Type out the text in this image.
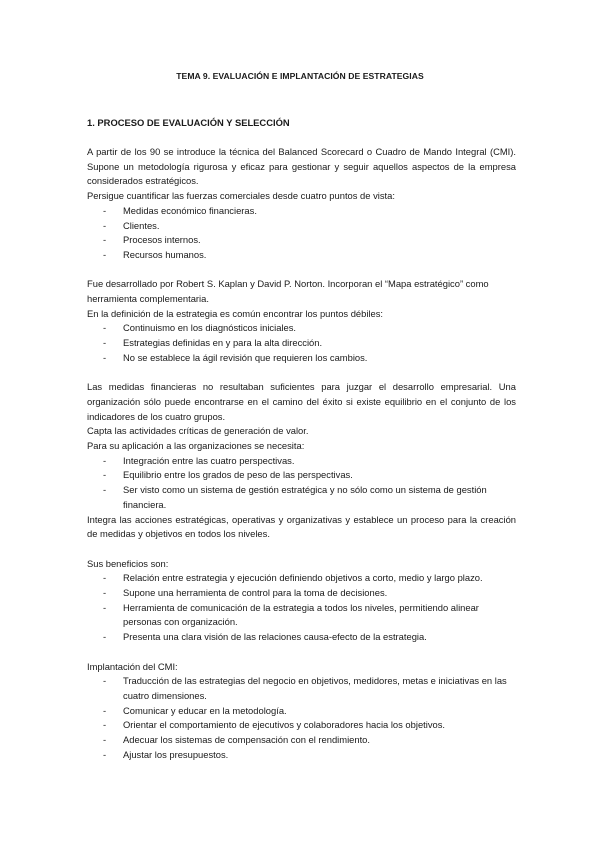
TEMA 9. EVALUACIÓN E IMPLANTACIÓN DE ESTRATEGIAS
1. PROCESO DE EVALUACIÓN Y SELECCIÓN

A partir de los 90 se introduce la técnica del Balanced Scorecard o Cuadro de Mando Integral (CMI). Supone un metodología rigurosa y eficaz para gestionar y seguir aquellos aspectos de la empresa considerados estratégicos.

Persigue cuantificar las fuerzas comerciales desde cuatro puntos de vista:

- Medidas económico financieras.
- Clientes.
- Procesos internos.
- Recursos humanos.

Fue desarrollado por Robert S. Kaplan y David P. Norton. Incorporan el “Mapa estratégico” como herramienta complementaria.

En la definición de la estrategia es común encontrar los puntos débiles:

- Continuismo en los diagnósticos iniciales.
- Estrategias definidas en y para la alta dirección.
- No se establece la ágil revisión que requieren los cambios.

Las medidas financieras no resultaban suficientes para juzgar el desarrollo empresarial. Una organización sólo puede encontrarse en el camino del éxito si existe equilibrio en el conjunto de los indicadores de los cuatro grupos.

Capta las actividades críticas de generación de valor.

Para su aplicación a las organizaciones se necesita:

- Integración entre las cuatro perspectivas.
- Equilibrio entre los grados de peso de las perspectivas.
- Ser visto como un sistema de gestión estratégica y no sólo como un sistema de gestión financiera.

Integra las acciones estratégicas, operativas y organizativas y establece un proceso para la creación de medidas y objetivos en todos los niveles.

Sus beneficios son:

- Relación entre estrategia y ejecución definiendo objetivos a corto, medio y largo plazo.
- Supone una herramienta de control para la toma de decisiones.
- Herramienta de comunicación de la estrategia a todos los niveles, permitiendo alinear personas con organización.
- Presenta una clara visión de las relaciones causa-efecto de la estrategia.

Implantación del CMI:

- Traducción de las estrategias del negocio en objetivos, medidores, metas e iniciativas en las cuatro dimensiones.
- Comunicar y educar en la metodología.
- Orientar el comportamiento de ejecutivos y colaboradores hacia los objetivos.
- Adecuar los sistemas de compensación con el rendimiento.
- Ajustar los presupuestos.
